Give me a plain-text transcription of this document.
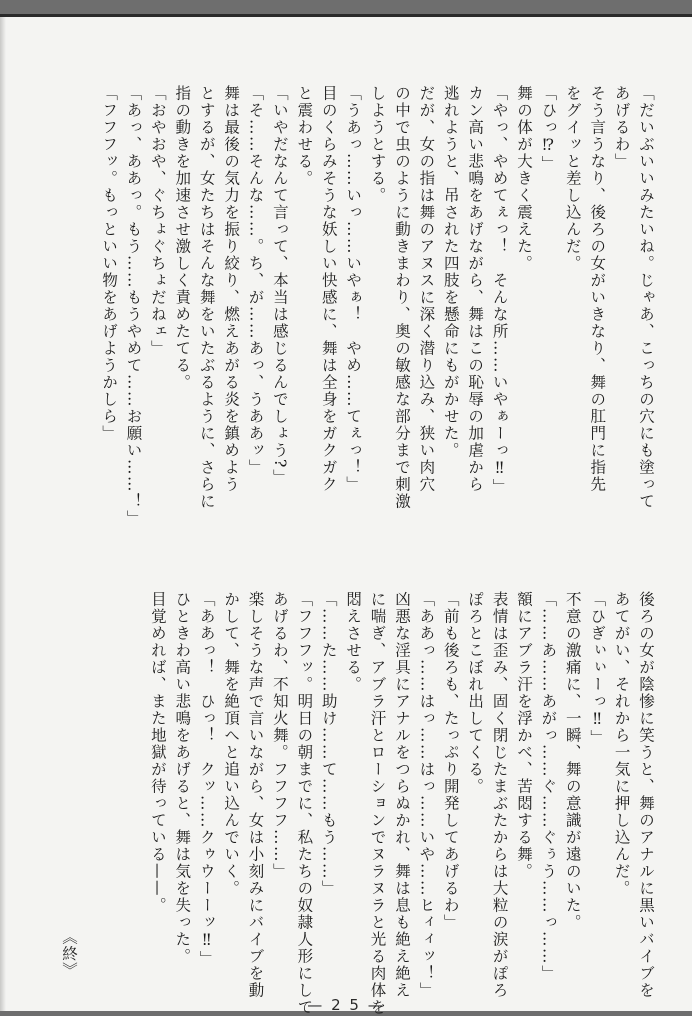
「だいぶいいみたいね。じゃあ、こっちの穴にも塗って
あげるわ」
そう言うなり、後ろの女がいきなり、舞の肛門に指先
をグイッと差し込んだ。
「ひっ⁉」
舞の体が大きく震えた。
「やっ、やめてぇっ！　そんな所……いやぁーっ‼」
カン高い悲鳴をあげながら、舞はこの恥辱の加虐から
逃れようと、吊された四肢を懸命にもがかせた。
だが、女の指は舞のアヌスに深く潜り込み、狭い肉穴
の中で虫のように動きまわり、奥の敏感な部分まで刺激
しようとする。
「うあっ……いっ……いやぁ！　やめ……てぇっ！」
目のくらみそうな妖しい快感に、舞は全身をガクガク
と震わせる。
「いやだなんて言って、本当は感じるんでしょう?」
「そ……そんな……。ち、が……あっ、うああッ」
舞は最後の気力を振り絞り、燃えあがる炎を鎮めよう
とするが、女たちはそんな舞をいたぶるように、さらに
指の動きを加速させ激しく責めたてる。
「おやおや、ぐちょぐちょだねェ」
「あっ、ああっ。もう……もうやめて……お願い……！」
「フフフッ。もっといい物をあげようかしら」
後ろの女が陰惨に笑うと、舞のアナルに黒いバイブを
あてがい、それから一気に押し込んだ。
「ひぎぃぃーっ‼」
不意の激痛に、一瞬、舞の意識が遠のいた。
「……あ……あがっ……ぐ……ぐぅう……っ……」
額にアブラ汗を浮かべ、苦悶する舞。
表情は歪み、固く閉じたまぶたからは大粒の涙がぽろ
ぽろとこぼれ出してくる。
「前も後ろも、たっぷり開発してあげるわ」
「ああっ……はっ……はっ……いや……ヒィィッ！」
凶悪な淫具にアナルをつらぬかれ、舞は息も絶え絶え
に喘ぎ、アブラ汗とローションでヌラヌラと光る肉体を
悶えさせる。
「……た……助け……て……もう……」
「フフフッ。明日の朝までに、私たちの奴隷人形にして
あげるわ、不知火舞。フフフフ……」
楽しそうな声で言いながら、女は小刻みにバイブを動
かして、舞を絶頂へと追い込んでいく。
「ああっ！　ひっ！　クッ……クゥウーーッ‼」
ひときわ高い悲鳴をあげると、舞は気を失った。
目覚めれば、また地獄が待っている——。
《終》
— 2 5 —
